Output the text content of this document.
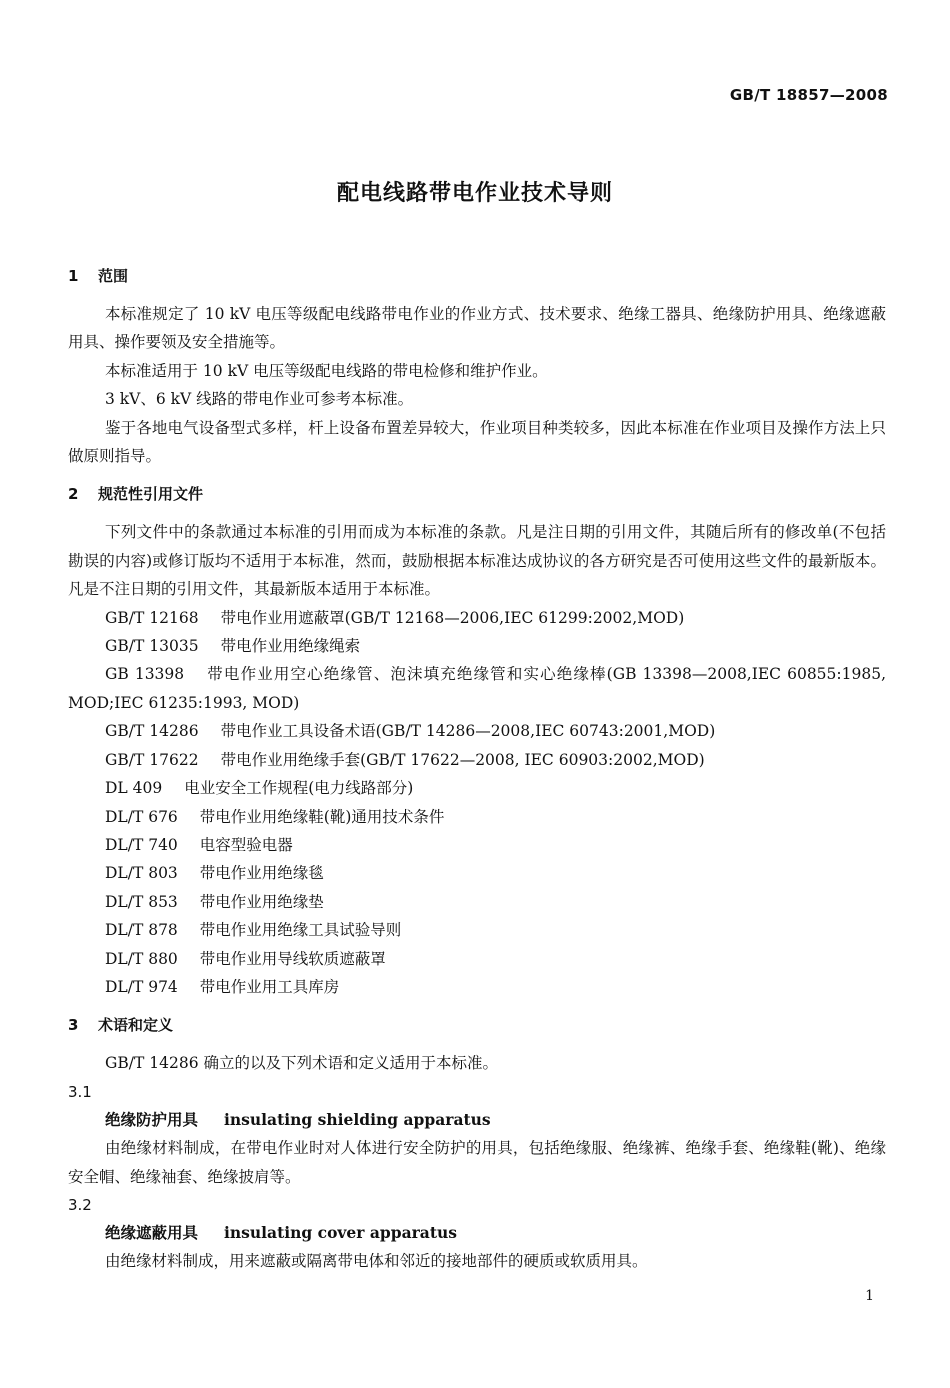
GB/T 18857—2008
配电线路带电作业技术导则
1 范围

本标准规定了 10 kV 电压等级配电线路带电作业的作业方式、技术要求、绝缘工器具、绝缘防护用具、绝缘遮蔽用具、操作要领及安全措施等。

本标准适用于 10 kV 电压等级配电线路的带电检修和维护作业。

3 kV、6 kV 线路的带电作业可参考本标准。

鉴于各地电气设备型式多样，杆上设备布置差异较大，作业项目种类较多，因此本标准在作业项目及操作方法上只做原则指导。

2 规范性引用文件

下列文件中的条款通过本标准的引用而成为本标准的条款。凡是注日期的引用文件，其随后所有的修改单(不包括勘误的内容)或修订版均不适用于本标准，然而，鼓励根据本标准达成协议的各方研究是否可使用这些文件的最新版本。凡是不注日期的引用文件，其最新版本适用于本标准。

GB/T 12168 带电作业用遮蔽罩(GB/T 12168—2006,IEC 61299:2002,MOD)

GB/T 13035 带电作业用绝缘绳索

GB 13398 带电作业用空心绝缘管、泡沫填充绝缘管和实心绝缘棒(GB 13398—2008,IEC 60855:1985, MOD;IEC 61235:1993, MOD)

GB/T 14286 带电作业工具设备术语(GB/T 14286—2008,IEC 60743:2001,MOD)

GB/T 17622 带电作业用绝缘手套(GB/T 17622—2008, IEC 60903:2002,MOD)

DL 409 电业安全工作规程(电力线路部分)

DL/T 676 带电作业用绝缘鞋(靴)通用技术条件

DL/T 740 电容型验电器

DL/T 803 带电作业用绝缘毯

DL/T 853 带电作业用绝缘垫

DL/T 878 带电作业用绝缘工具试验导则

DL/T 880 带电作业用导线软质遮蔽罩

DL/T 974 带电作业用工具库房

3 术语和定义

GB/T 14286 确立的以及下列术语和定义适用于本标准。

3.1

绝缘防护用具 insulating shielding apparatus

由绝缘材料制成，在带电作业时对人体进行安全防护的用具，包括绝缘服、绝缘裤、绝缘手套、绝缘鞋(靴)、绝缘安全帽、绝缘袖套、绝缘披肩等。

3.2

绝缘遮蔽用具 insulating cover apparatus

由绝缘材料制成，用来遮蔽或隔离带电体和邻近的接地部件的硬质或软质用具。

1
